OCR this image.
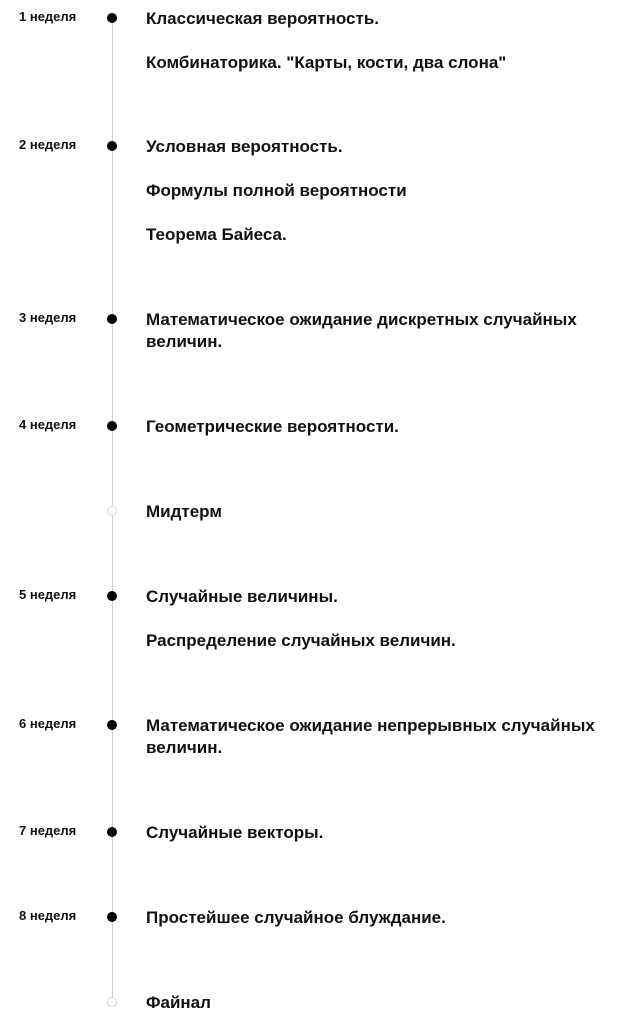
1 неделя	Классическая вероятность.
Комбинаторика. "Карты, кости, два слона"
2 неделя	Условная вероятность.
Формулы полной вероятности
Теорема Байеса.
3 неделя	Математическое ожидание дискретных случайных величин.
4 неделя	Геометрические вероятности.
Мидтерм
5 неделя	Случайные величины.
Распределение случайных величин.
6 неделя	Математическое ожидание непрерывных случайных величин.
7 неделя	Случайные векторы.
8 неделя	Простейшее случайное блуждание.
Файнал
